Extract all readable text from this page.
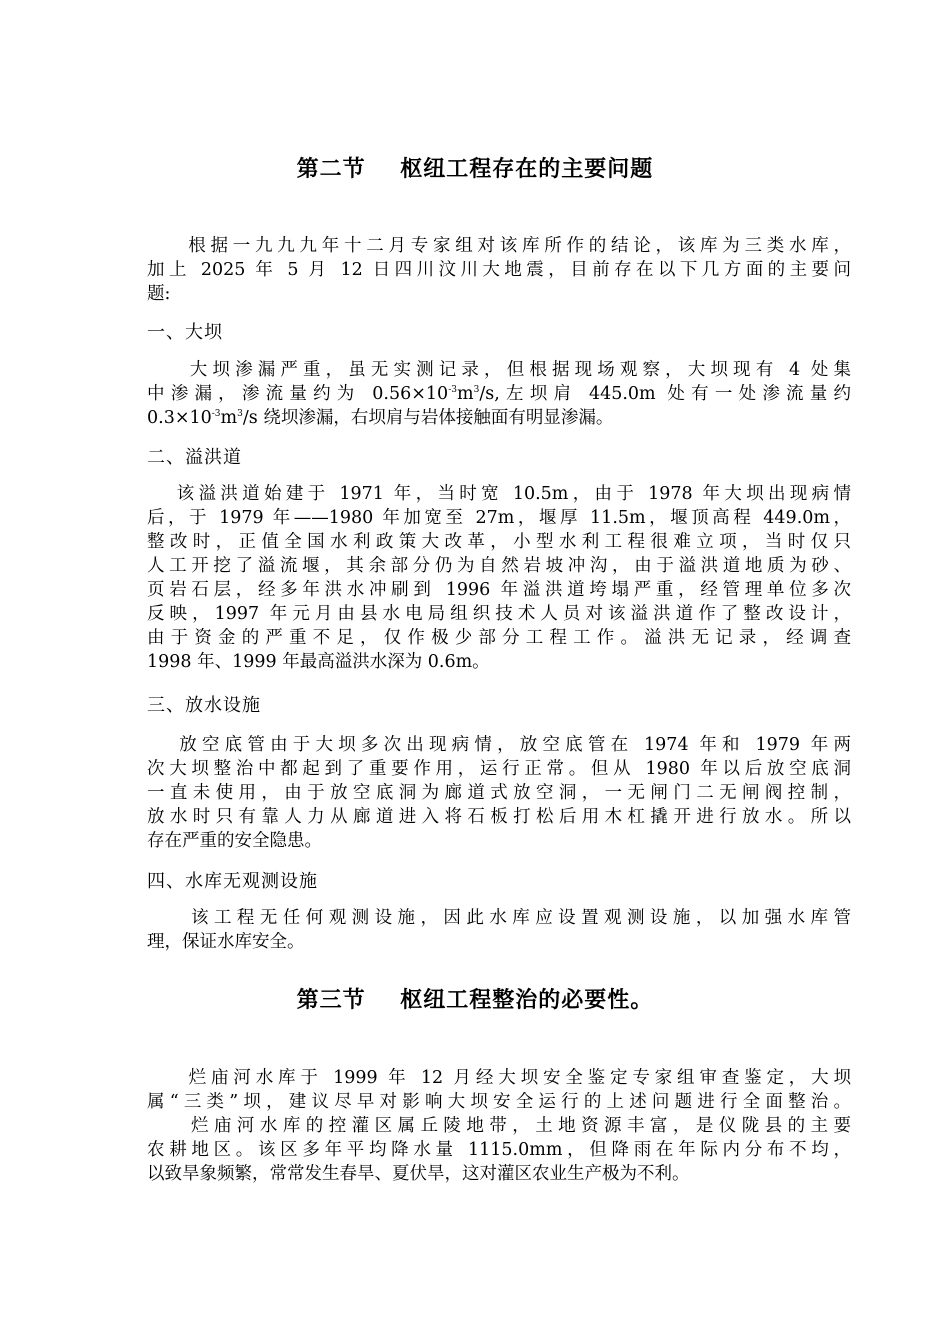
第二节    枢纽工程存在的主要问题
根据一九九九年十二月专家组对该库所作的结论，该库为三类水库，
加上 2025 年 5 月 12 日四川汶川大地震，目前存在以下几方面的主要问
题:
一、大坝
大坝渗漏严重，虽无实测记录，但根据现场观察，大坝现有 4 处集
中渗漏，渗流量约为 $0.56\times 10^{-3}m^3/s$,左坝肩 445.0m 处有一处渗流量约
$0.3\times 10^{-3}m^3/s$ 绕坝渗漏，右坝肩与岩体接触面有明显渗漏。
二、溢洪道
该溢洪道始建于 1971 年，当时宽 10.5m，由于 1978 年大坝出现病情
后，于 1979 年——1980 年加宽至 27m，堰厚 11.5m，堰顶高程 449.0m，
整改时，正值全国水利政策大改革，小型水利工程很难立项，当时仅只
人工开挖了溢流堰，其余部分仍为自然岩坡冲沟，由于溢洪道地质为砂、
页岩石层，经多年洪水冲刷到 1996 年溢洪道垮塌严重，经管理单位多次
反映，1997 年元月由县水电局组织技术人员对该溢洪道作了整改设计，
由于资金的严重不足，仅作极少部分工程工作。溢洪无记录，经调查
1998 年、1999 年最高溢洪水深为 0.6m。
三、放水设施
放空底管由于大坝多次出现病情，放空底管在 1974 年和 1979 年两
次大坝整治中都起到了重要作用，运行正常。但从 1980 年以后放空底洞
一直未使用，由于放空底洞为廊道式放空洞，一无闸门二无闸阀控制，
放水时只有靠人力从廊道进入将石板打松后用木杠撬开进行放水。所以
存在严重的安全隐患。
四、水库无观测设施
该工程无任何观测设施，因此水库应设置观测设施，以加强水库管
理，保证水库安全。
第三节    枢纽工程整治的必要性。
烂庙河水库于 1999 年 12 月经大坝安全鉴定专家组审查鉴定，大坝
属“三类”坝，建议尽早对影响大坝安全运行的上述问题进行全面整治。
烂庙河水库的控灌区属丘陵地带，土地资源丰富，是仪陇县的主要
农耕地区。该区多年平均降水量 1115.0mm，但降雨在年际内分布不均，
以致旱象频繁，常常发生春旱、夏伏旱，这对灌区农业生产极为不利。
